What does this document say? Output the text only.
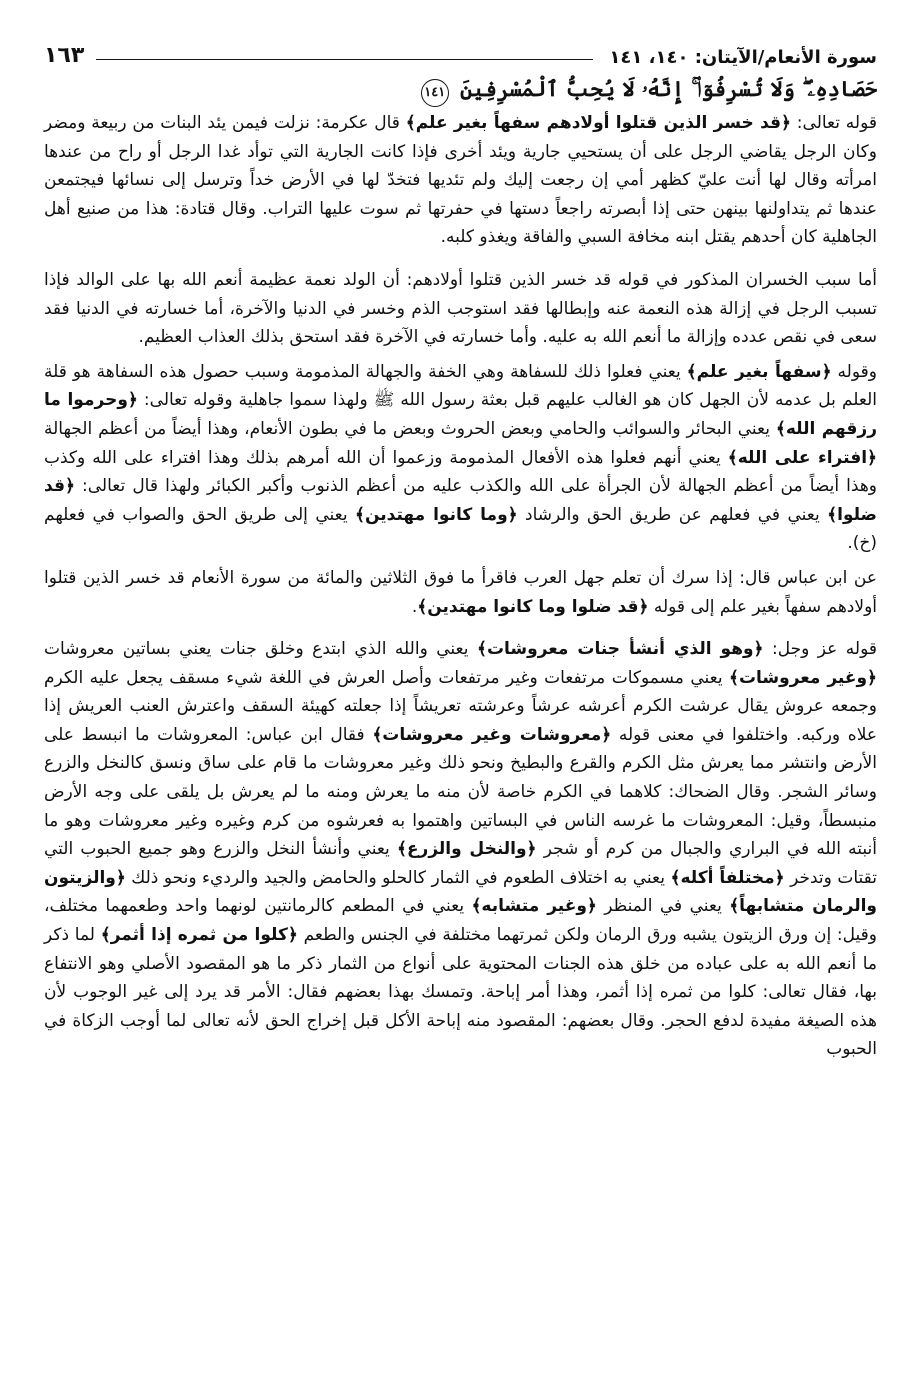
سورة الأنعام/الآيتان: ١٤٠، ١٤١
١٦٣
حَصَادِهِۦ ۖ وَلَا تُسْرِفُوٓا۟ ۚ إِنَّهُۥ لَا يُحِبُّ ٱلْمُسْرِفِينَ ١٤١

قوله تعالى: ﴿قد خسر الذين قتلوا أولادهم سفهاً بغير علم﴾ قال عكرمة: نزلت فيمن يئد البنات من ربيعة ومضر وكان الرجل يقاضي الرجل على أن يستحيي جارية ويئد أخرى فإذا كانت الجارية التي توأد غدا الرجل أو راح من عندها امرأته وقال لها أنت عليّ كظهر أمي إن رجعت إليك ولم تئديها فتخدّ لها في الأرض خداً وترسل إلى نسائها فيجتمعن عندها ثم يتداولنها بينهن حتى إذا أبصرته راجعاً دستها في حفرتها ثم سوت عليها التراب. وقال قتادة: هذا من صنيع أهل الجاهلية كان أحدهم يقتل ابنه مخافة السبي والفاقة ويغذو كلبه.

أما سبب الخسران المذكور في قوله قد خسر الذين قتلوا أولادهم: أن الولد نعمة عظيمة أنعم الله بها على الوالد فإذا تسبب الرجل في إزالة هذه النعمة عنه وإبطالها فقد استوجب الذم وخسر في الدنيا والآخرة، أما خسارته في الدنيا فقد سعى في نقص عدده وإزالة ما أنعم الله به عليه. وأما خسارته في الآخرة فقد استحق بذلك العذاب العظيم.

وقوله ﴿سفهاً بغير علم﴾ يعني فعلوا ذلك للسفاهة وهي الخفة والجهالة المذمومة وسبب حصول هذه السفاهة هو قلة العلم بل عدمه لأن الجهل كان هو الغالب عليهم قبل بعثة رسول الله ﷺ ولهذا سموا جاهلية وقوله تعالى: ﴿وحرموا ما رزقهم الله﴾ يعني البحائر والسوائب والحامي وبعض الحروث وبعض ما في بطون الأنعام، وهذا أيضاً من أعظم الجهالة ﴿افتراء على الله﴾ يعني أنهم فعلوا هذه الأفعال المذمومة وزعموا أن الله أمرهم بذلك وهذا افتراء على الله وكذب وهذا أيضاً من أعظم الجهالة لأن الجرأة على الله والكذب عليه من أعظم الذنوب وأكبر الكبائر ولهذا قال تعالى: ﴿قد ضلوا﴾ يعني في فعلهم عن طريق الحق والرشاد ﴿وما كانوا مهتدين﴾ يعني إلى طريق الحق والصواب في فعلهم (خ).

عن ابن عباس قال: إذا سرك أن تعلم جهل العرب فاقرأ ما فوق الثلاثين والمائة من سورة الأنعام قد خسر الذين قتلوا أولادهم سفهاً بغير علم إلى قوله ﴿قد ضلوا وما كانوا مهتدين﴾.

قوله عز وجل: ﴿وهو الذي أنشأ جنات معروشات﴾ يعني والله الذي ابتدع وخلق جنات يعني بساتين معروشات ﴿وغير معروشات﴾ يعني مسموكات مرتفعات وغير مرتفعات وأصل العرش في اللغة شيء مسقف يجعل عليه الكرم وجمعه عروش يقال عرشت الكرم أعرشه عرشاً وعرشته تعريشاً إذا جعلته كهيئة السقف واعترش العنب العريش إذا علاه وركبه. واختلفوا في معنى قوله ﴿معروشات وغير معروشات﴾ فقال ابن عباس: المعروشات ما انبسط على الأرض وانتشر مما يعرش مثل الكرم والقرع والبطيخ ونحو ذلك وغير معروشات ما قام على ساق ونسق كالنخل والزرع وسائر الشجر. وقال الضحاك: كلاهما في الكرم خاصة لأن منه ما يعرش ومنه ما لم يعرش بل يلقى على وجه الأرض منبسطاً، وقيل: المعروشات ما غرسه الناس في البساتين واهتموا به فعرشوه من كرم وغيره وغير معروشات وهو ما أنبته الله في البراري والجبال من كرم أو شجر ﴿والنخل والزرع﴾ يعني وأنشأ النخل والزرع وهو جميع الحبوب التي تقتات وتدخر ﴿مختلفاً أكله﴾ يعني به اختلاف الطعوم في الثمار كالحلو والحامض والجيد والرديء ونحو ذلك ﴿والزيتون والرمان متشابهاً﴾ يعني في المنظر ﴿وغير متشابه﴾ يعني في المطعم كالرمانتين لونهما واحد وطعمهما مختلف، وقيل: إن ورق الزيتون يشبه ورق الرمان ولكن ثمرتهما مختلفة في الجنس والطعم ﴿كلوا من ثمره إذا أثمر﴾ لما ذكر ما أنعم الله به على عباده من خلق هذه الجنات المحتوية على أنواع من الثمار ذكر ما هو المقصود الأصلي وهو الانتفاع بها، فقال تعالى: كلوا من ثمره إذا أثمر، وهذا أمر إباحة. وتمسك بهذا بعضهم فقال: الأمر قد يرد إلى غير الوجوب لأن هذه الصيغة مفيدة لدفع الحجر. وقال بعضهم: المقصود منه إباحة الأكل قبل إخراج الحق لأنه تعالى لما أوجب الزكاة في الحبوب
